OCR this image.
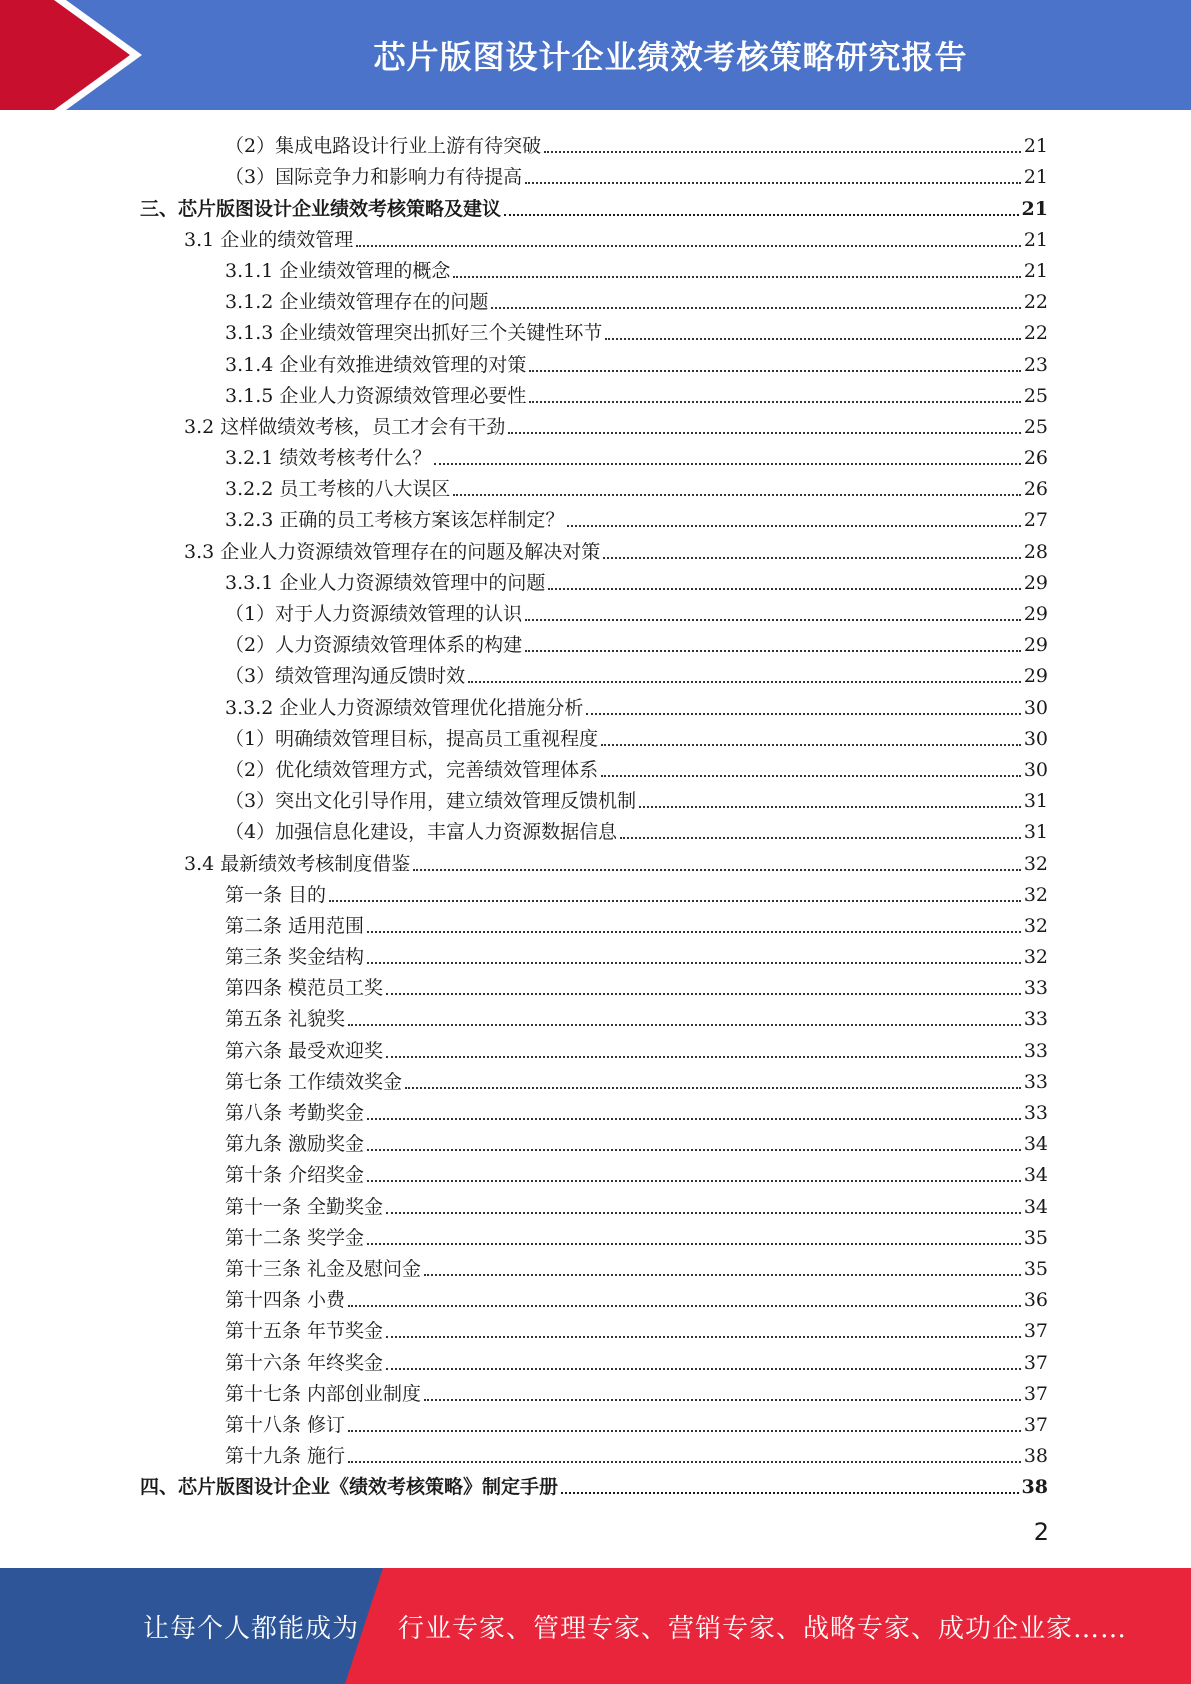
芯片版图设计企业绩效考核策略研究报告
（2）集成电路设计行业上游有待突破	21
（3）国际竞争力和影响力有待提高	21
三、芯片版图设计企业绩效考核策略及建议	21
3.1 企业的绩效管理	21
3.1.1 企业绩效管理的概念	21
3.1.2 企业绩效管理存在的问题	22
3.1.3 企业绩效管理突出抓好三个关键性环节	22
3.1.4 企业有效推进绩效管理的对策	23
3.1.5 企业人力资源绩效管理必要性	25
3.2 这样做绩效考核，员工才会有干劲	25
3.2.1 绩效考核考什么？	26
3.2.2 员工考核的八大误区	26
3.2.3 正确的员工考核方案该怎样制定？	27
3.3 企业人力资源绩效管理存在的问题及解决对策	28
3.3.1 企业人力资源绩效管理中的问题	29
（1）对于人力资源绩效管理的认识	29
（2）人力资源绩效管理体系的构建	29
（3）绩效管理沟通反馈时效	29
3.3.2 企业人力资源绩效管理优化措施分析	30
（1）明确绩效管理目标，提高员工重视程度	30
（2）优化绩效管理方式，完善绩效管理体系	30
（3）突出文化引导作用，建立绩效管理反馈机制	31
（4）加强信息化建设，丰富人力资源数据信息	31
3.4 最新绩效考核制度借鉴	32
第一条 目的	32
第二条 适用范围	32
第三条 奖金结构	32
第四条 模范员工奖	33
第五条 礼貌奖	33
第六条 最受欢迎奖	33
第七条 工作绩效奖金	33
第八条 考勤奖金	33
第九条 激励奖金	34
第十条 介绍奖金	34
第十一条 全勤奖金	34
第十二条 奖学金	35
第十三条 礼金及慰问金	35
第十四条 小费	36
第十五条 年节奖金	37
第十六条 年终奖金	37
第十七条 内部创业制度	37
第十八条 修订	37
第十九条 施行	38
四、芯片版图设计企业《绩效考核策略》制定手册	38
2
让每个人都能成为 行业专家、管理专家、营销专家、战略专家、成功企业家……
